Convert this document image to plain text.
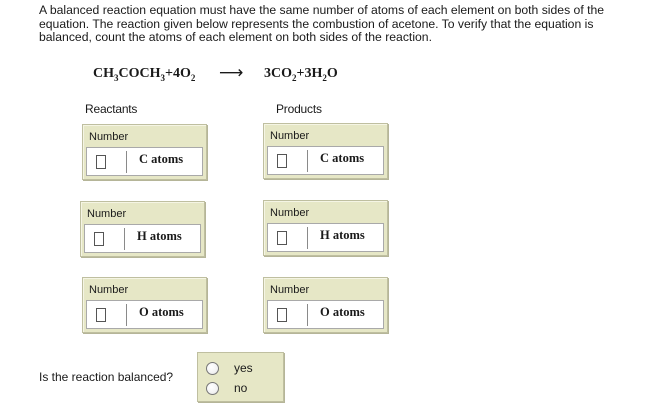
A balanced reaction equation must have the same number of atoms of each element on both sides of the equation. The reaction given below represents the combustion of acetone. To verify that the equation is balanced, count the atoms of each element on both sides of the reaction.
$CH_3COCH_3+4O_2$ ⟶ $3CO_2+3H_2O$
Reactants	Products
Number
C atoms
Number
C atoms
Number
H atoms
Number
H atoms
Number
O atoms
Number
O atoms
Is the reaction balanced?
yes
no
